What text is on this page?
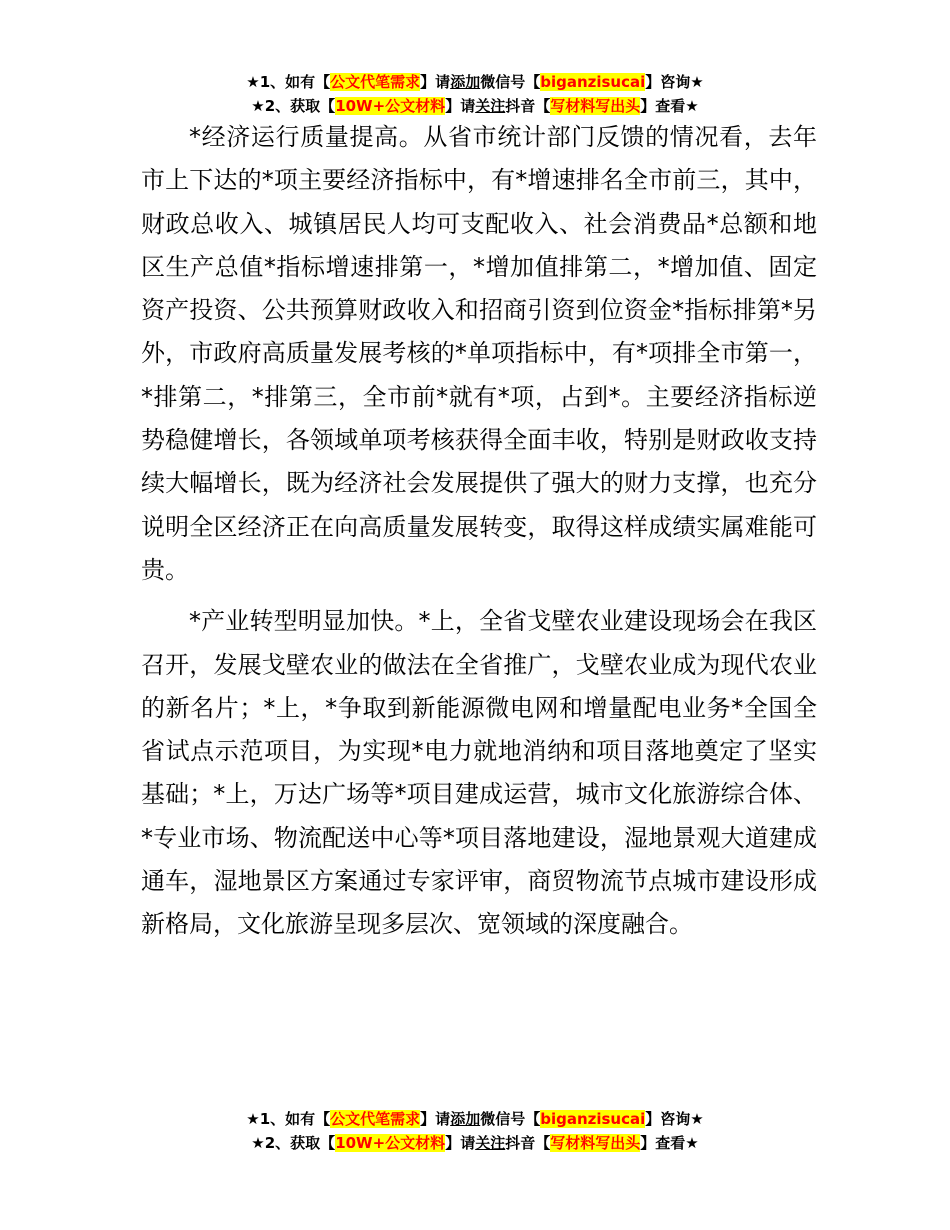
★1、如有【公文代笔需求】请添加微信号【biganzisucai】咨询★
★2、获取【10W+公文材料】请关注抖音【写材料写出头】查看★

*经济运行质量提高。从省市统计部门反馈的情况看，去年市上下达的*项主要经济指标中，有*增速排名全市前三，其中，财政总收入、城镇居民人均可支配收入、社会消费品*总额和地区生产总值*指标增速排第一，*增加值排第二，*增加值、固定资产投资、公共预算财政收入和招商引资到位资金*指标排第*另外，市政府高质量发展考核的*单项指标中，有*项排全市第一，*排第二，*排第三，全市前*就有*项，占到*。主要经济指标逆势稳健增长，各领域单项考核获得全面丰收，特别是财政收支持续大幅增长，既为经济社会发展提供了强大的财力支撑，也充分说明全区经济正在向高质量发展转变，取得这样成绩实属难能可贵。

*产业转型明显加快。*上，全省戈壁农业建设现场会在我区召开，发展戈壁农业的做法在全省推广，戈壁农业成为现代农业的新名片；*上，*争取到新能源微电网和增量配电业务*全国全省试点示范项目，为实现*电力就地消纳和项目落地奠定了坚实基础；*上，万达广场等*项目建成运营，城市文化旅游综合体、*专业市场、物流配送中心等*项目落地建设，湿地景观大道建成通车，湿地景区方案通过专家评审，商贸物流节点城市建设形成新格局，文化旅游呈现多层次、宽领域的深度融合。

★1、如有【公文代笔需求】请添加微信号【biganzisucai】咨询★
★2、获取【10W+公文材料】请关注抖音【写材料写出头】查看★
